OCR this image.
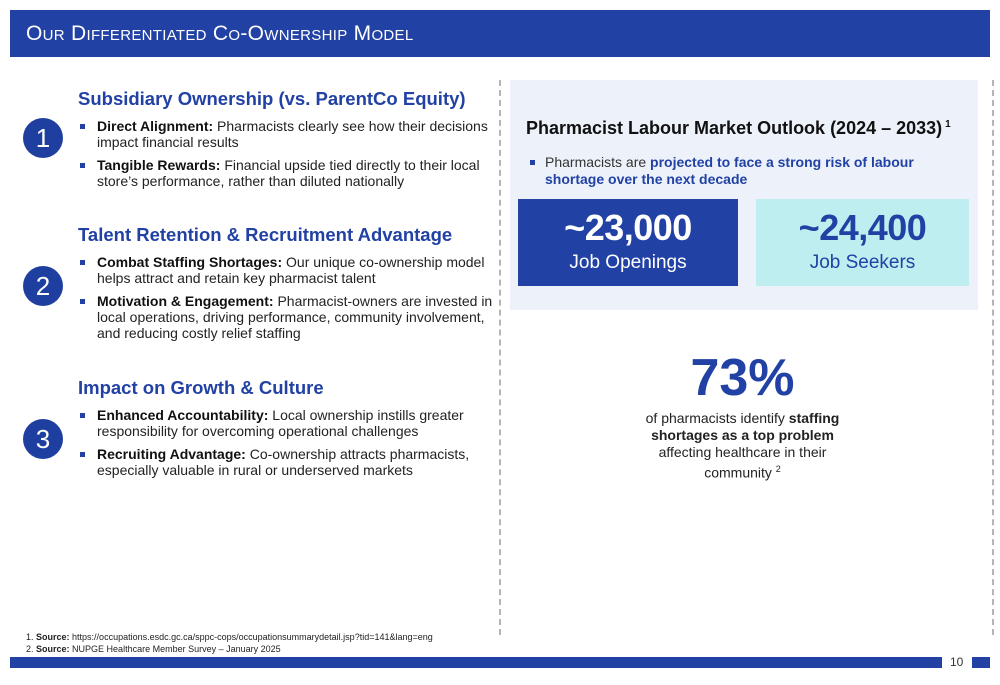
Our Differentiated Co-Ownership Model
1
Subsidiary Ownership (vs. ParentCo Equity)
Direct Alignment: Pharmacists clearly see how their decisions impact financial results
Tangible Rewards: Financial upside tied directly to their local store’s performance, rather than diluted nationally
2
Talent Retention & Recruitment Advantage
Combat Staffing Shortages: Our unique co-ownership model helps attract and retain key pharmacist talent
Motivation & Engagement: Pharmacist-owners are invested in local operations, driving performance, community involvement, and reducing costly relief staffing
3
Impact on Growth & Culture
Enhanced Accountability: Local ownership instills greater responsibility for overcoming operational challenges
Recruiting Advantage: Co-ownership attracts pharmacists, especially valuable in rural or underserved markets
Pharmacist Labour Market Outlook (2024 – 2033) $^1$
Pharmacists are projected to face a strong risk of labour shortage over the next decade
~23,000
Job Openings
~24,400
Job Seekers
73%
of pharmacists identify staffing shortages as a top problem affecting healthcare in their community $^2$
1. Source: https://occupations.esdc.gc.ca/sppc-cops/occupationsummarydetail.jsp?tid=141&lang=eng
2. Source: NUPGE Healthcare Member Survey – January 2025
10
